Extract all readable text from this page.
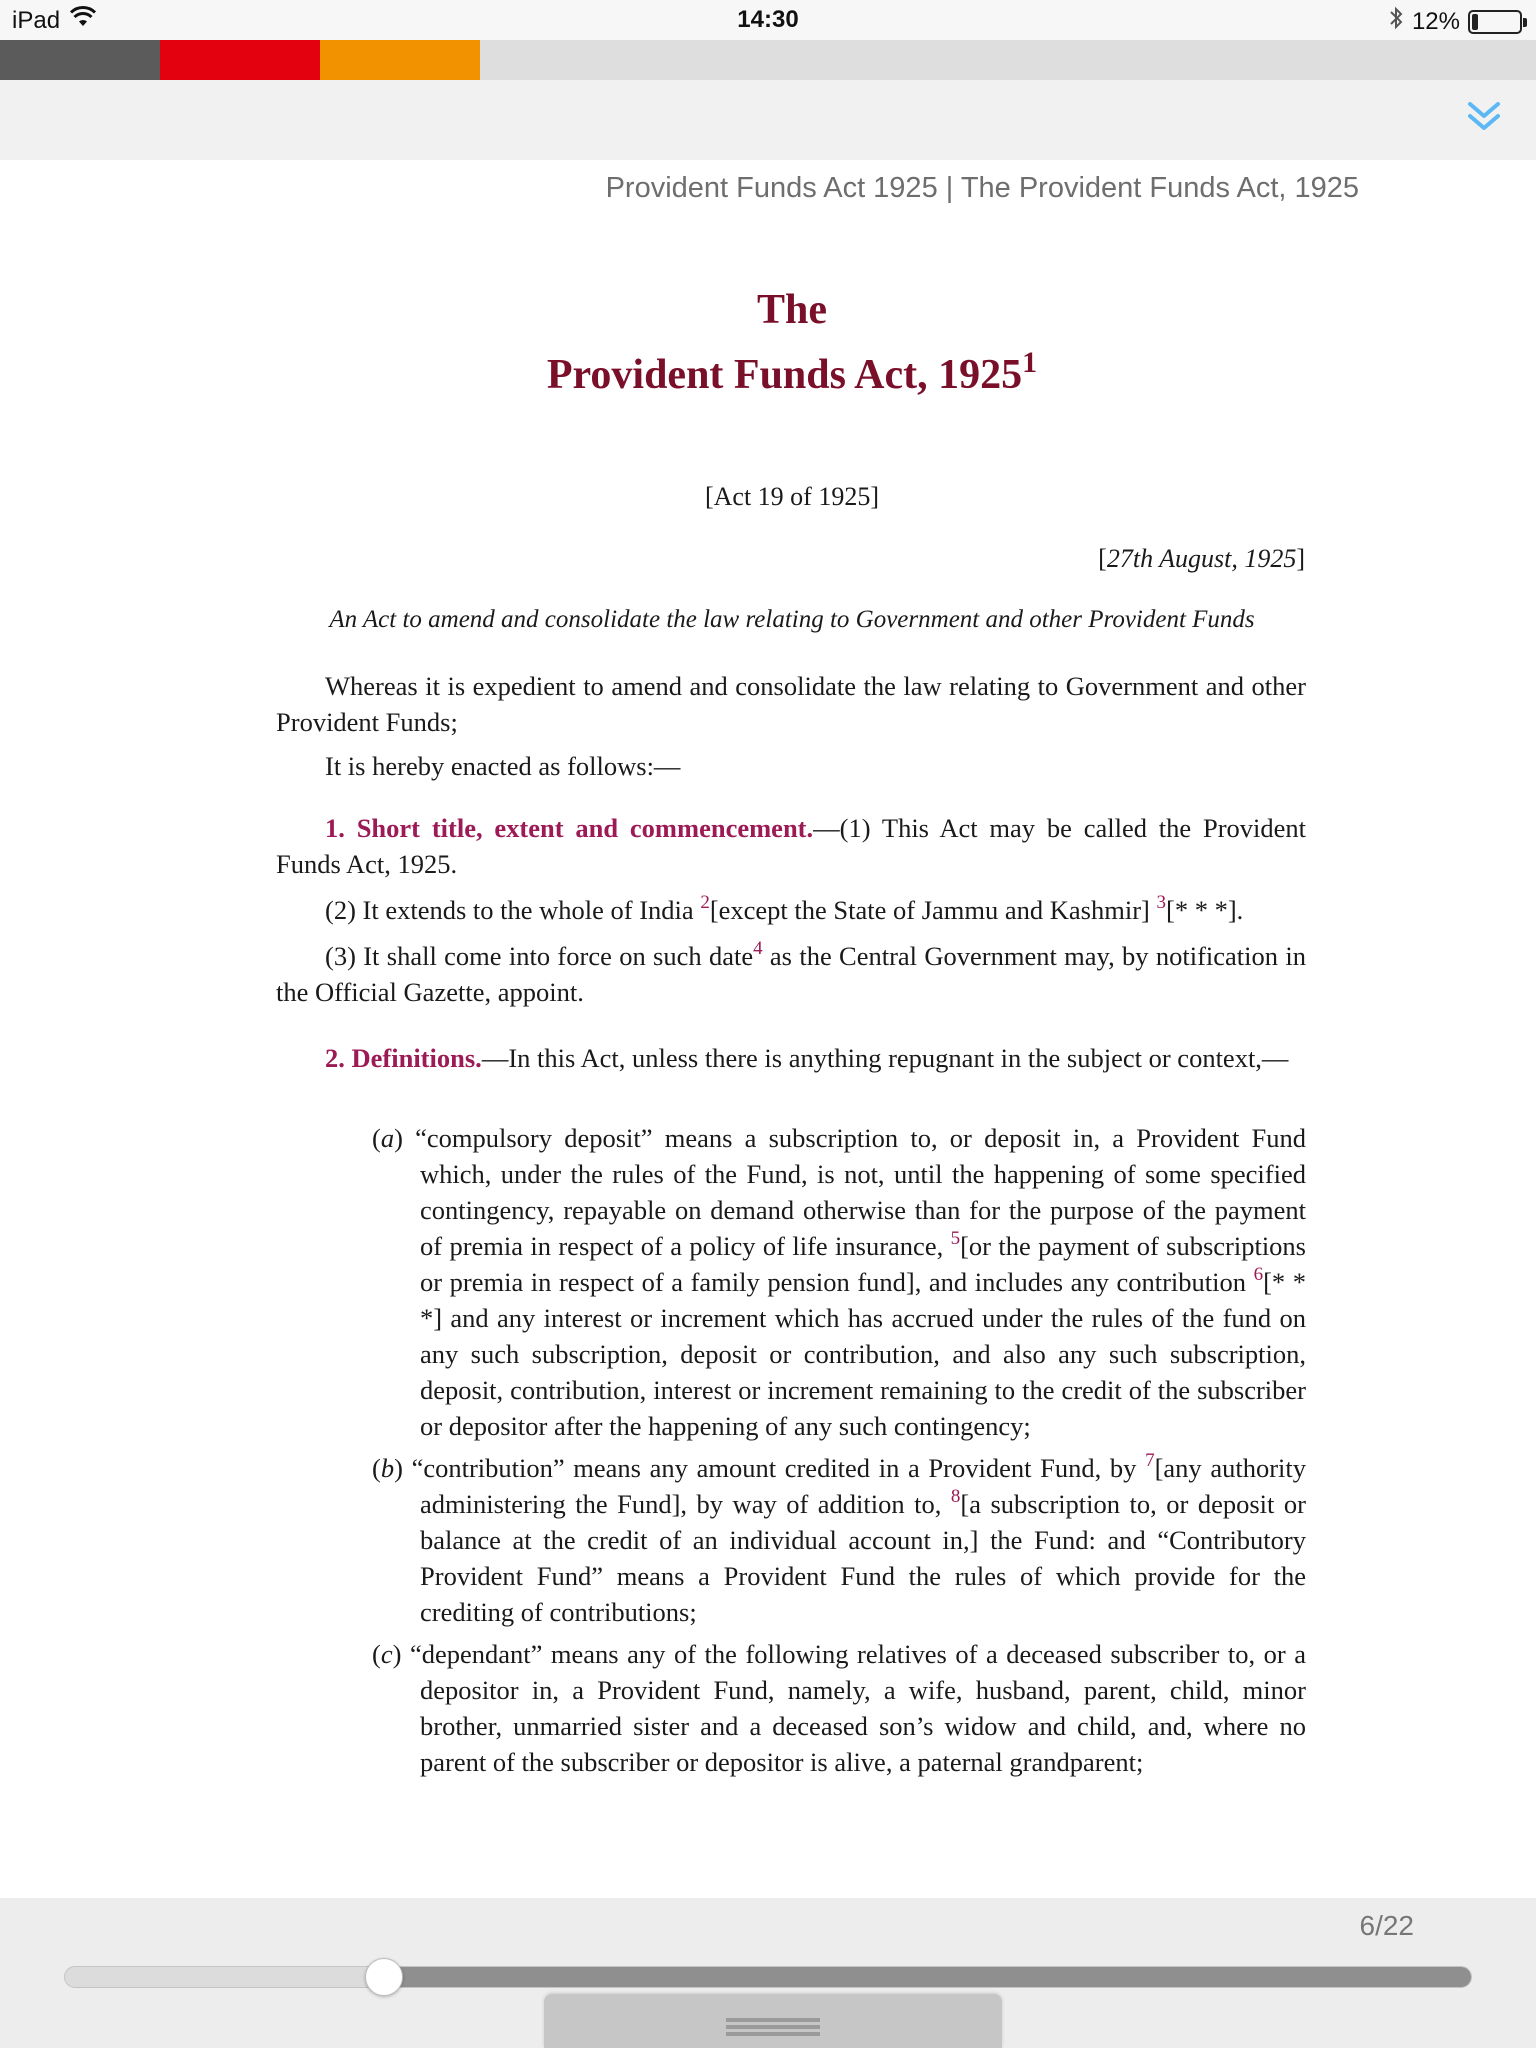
iPad	14:30	12%
Provident Funds Act 1925 | The Provident Funds Act, 1925
The
Provident Funds Act, 1925$^1$
[Act 19 of 1925]
[27th August, 1925]
An Act to amend and consolidate the law relating to Government and other Provident Funds

Whereas it is expedient to amend and consolidate the law relating to Government and other Provident Funds;

It is hereby enacted as follows:—

1. Short title, extent and commencement.—(1) This Act may be called the Provident Funds Act, 1925.

(2) It extends to the whole of India $^2$[except the State of Jammu and Kashmir] $^3$[* * *].

(3) It shall come into force on such date$^4$ as the Central Government may, by notification in the Official Gazette, appoint.

2. Definitions.—In this Act, unless there is anything repugnant in the subject or context,—

(a) “compulsory deposit” means a subscription to, or deposit in, a Provident Fund which, under the rules of the Fund, is not, until the happening of some specified contingency, repayable on demand otherwise than for the purpose of the payment of premia in respect of a policy of life insurance, $^5$[or the payment of subscriptions or premia in respect of a family pension fund], and includes any contribution $^6$[* * *] and any interest or increment which has accrued under the rules of the fund on any such subscription, deposit or contribution, and also any such subscription, deposit, contribution, interest or increment remaining to the credit of the subscriber or depositor after the happening of any such contingency;
(b) “contribution” means any amount credited in a Provident Fund, by $^7$[any authority administering the Fund], by way of addition to, $^8$[a subscription to, or deposit or balance at the credit of an individual account in,] the Fund: and “Contributory Provident Fund” means a Provident Fund the rules of which provide for the crediting of contributions;
(c) “dependant” means any of the following relatives of a deceased subscriber to, or a depositor in, a Provident Fund, namely, a wife, husband, parent, child, minor brother, unmarried sister and a deceased son’s widow and child, and, where no parent of the subscriber or depositor is alive, a paternal grandparent;
6/22
